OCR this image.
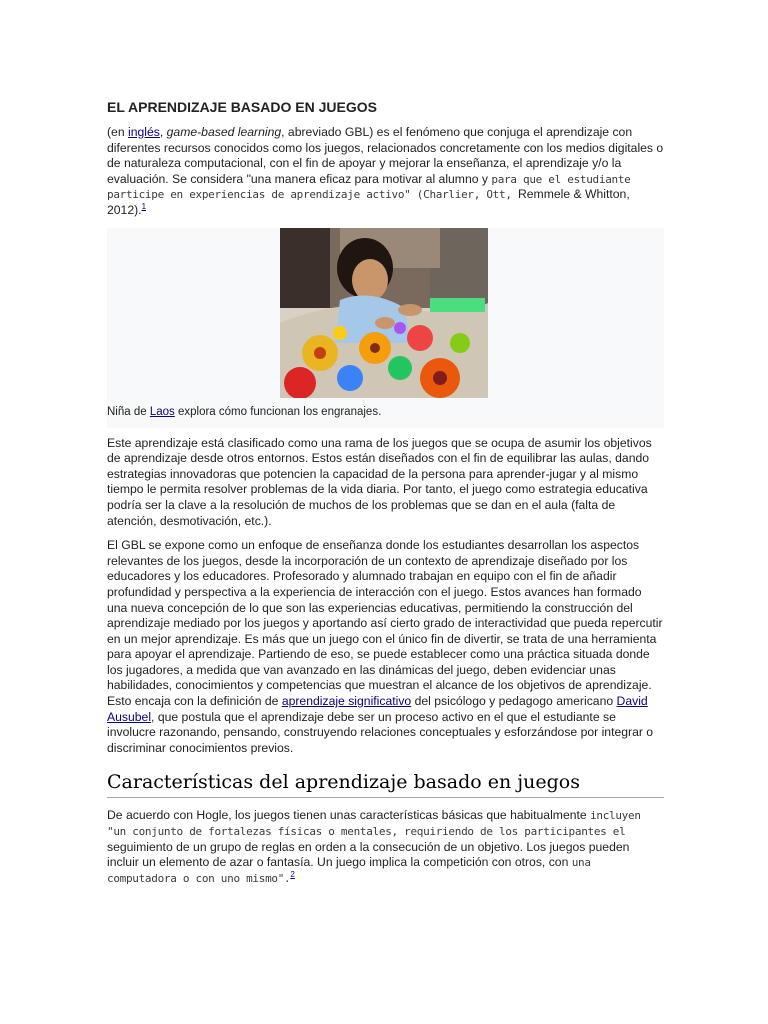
EL APRENDIZAJE BASADO EN JUEGOS

(en inglés, game-based learning, abreviado GBL) es el fenómeno que conjuga el aprendizaje con diferentes recursos conocidos como los juegos, relacionados concretamente con los medios digitales o de naturaleza computacional, con el fin de apoyar y mejorar la enseñanza, el aprendizaje y/o la evaluación. Se considera "una manera eficaz para motivar al alumno y para que el estudiante participe en experiencias de aprendizaje activo" (Charlier, Ott, Remmele & Whitton, 2012).$^1$

Niña de Laos explora cómo funcionan los engranajes.

Este aprendizaje está clasificado como una rama de los juegos que se ocupa de asumir los objetivos de aprendizaje desde otros entornos. Estos están diseñados con el fin de equilibrar las aulas, dando estrategias innovadoras que potencien la capacidad de la persona para aprender-jugar y al mismo tiempo le permita resolver problemas de la vida diaria. Por tanto, el juego como estrategia educativa podría ser la clave a la resolución de muchos de los problemas que se dan en el aula (falta de atención, desmotivación, etc.).

El GBL se expone como un enfoque de enseñanza donde los estudiantes desarrollan los aspectos relevantes de los juegos, desde la incorporación de un contexto de aprendizaje diseñado por los educadores y los educadores. Profesorado y alumnado trabajan en equipo con el fin de añadir profundidad y perspectiva a la experiencia de interacción con el juego. Estos avances han formado una nueva concepción de lo que son las experiencias educativas, permitiendo la construcción del aprendizaje mediado por los juegos y aportando así cierto grado de interactividad que pueda repercutir en un mejor aprendizaje. Es más que un juego con el único fin de divertir, se trata de una herramienta para apoyar el aprendizaje. Partiendo de eso, se puede establecer como una práctica situada donde los jugadores, a medida que van avanzado en las dinámicas del juego, deben evidenciar unas habilidades, conocimientos y competencias que muestran el alcance de los objetivos de aprendizaje. Esto encaja con la definición de aprendizaje significativo del psicólogo y pedagogo americano David Ausubel, que postula que el aprendizaje debe ser un proceso activo en el que el estudiante se involucre razonando, pensando, construyendo relaciones conceptuales y esforzándose por integrar o discriminar conocimientos previos.

Características del aprendizaje basado en juegos

De acuerdo con Hogle, los juegos tienen unas características básicas que habitualmente incluyen "un conjunto de fortalezas físicas o mentales, requiriendo de los participantes el seguimiento de un grupo de reglas en orden a la consecución de un objetivo. Los juegos pueden incluir un elemento de azar o fantasía. Un juego implica la competición con otros, con una computadora o con uno mismo".$^2$
